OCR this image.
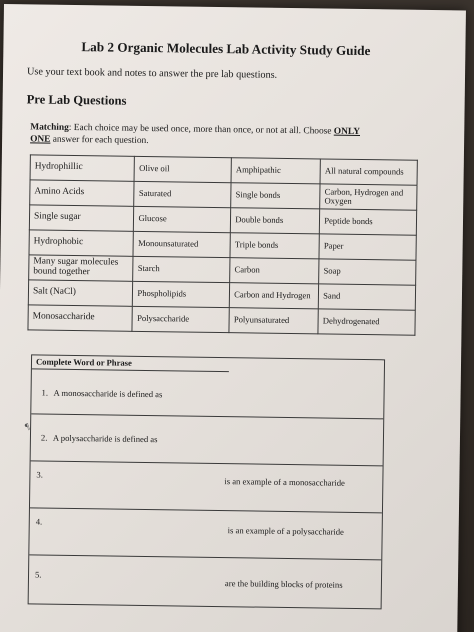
Lab 2 Organic Molecules Lab Activity Study Guide
Use your text book and notes to answer the pre lab questions.
Pre Lab Questions
Matching: Each choice may be used once, more than once, or not at all. Choose ONLY
ONE answer for each question.
Hydrophillic	Olive oil	Amphipathic	All natural compounds
Amino Acids	Saturated	Single bonds	Carbon, Hydrogen and Oxygen
Single sugar	Glucose	Double bonds	Peptide bonds
Hydrophobic	Monounsaturated	Triple bonds	Paper
Many sugar molecules bound together	Starch	Carbon	Soap
Salt (NaCl)	Phospholipids	Carbon and Hydrogen	Sand
Monosaccharide	Polysaccharide	Polyunsaturated	Dehydrogenated
¶
Complete Word or Phrase
1. A monosaccharide is defined as
2. A polysaccharide is defined as
3.
is an example of a monosaccharide
4.
is an example of a polysaccharide
5.
are the building blocks of proteins
